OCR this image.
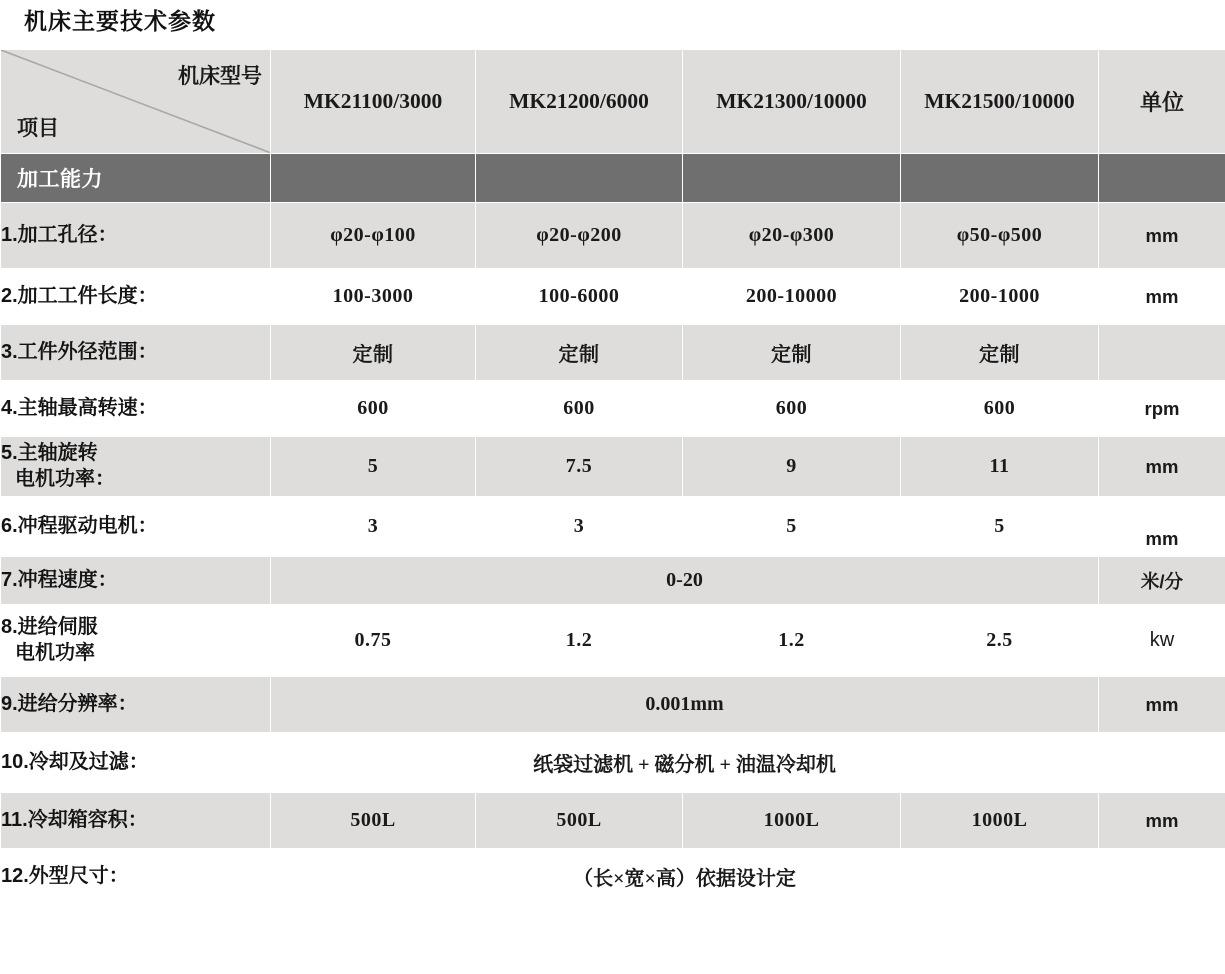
机床主要技术参数
机床型号
项目	MK21100/3000	MK21200/6000	MK21300/10000	MK21500/10000	单位
加工能力					
1.加工孔径：	φ20-φ100	φ20-φ200	φ20-φ300	φ50-φ500	mm
2.加工工件长度：	100-3000	100-6000	200-10000	200-1000	mm
3.工件外径范围：	定制	定制	定制	定制	
4.主轴最高转速：	600	600	600	600	rpm
5.主轴旋转
电机功率：	5	7.5	9	11	mm
6.冲程驱动电机：	3	3	5	5	mm
7.冲程速度：	0-20				米/分
8.进给伺服
电机功率	0.75	1.2	1.2	2.5	kw
9.进给分辨率：	0.001mm				mm
10.冷却及过滤：	纸袋过滤机 + 磁分机 + 油温冷却机				
11.冷却箱容积：	500L	500L	1000L	1000L	mm
12.外型尺寸：	（长×宽×高）依据设计定				
